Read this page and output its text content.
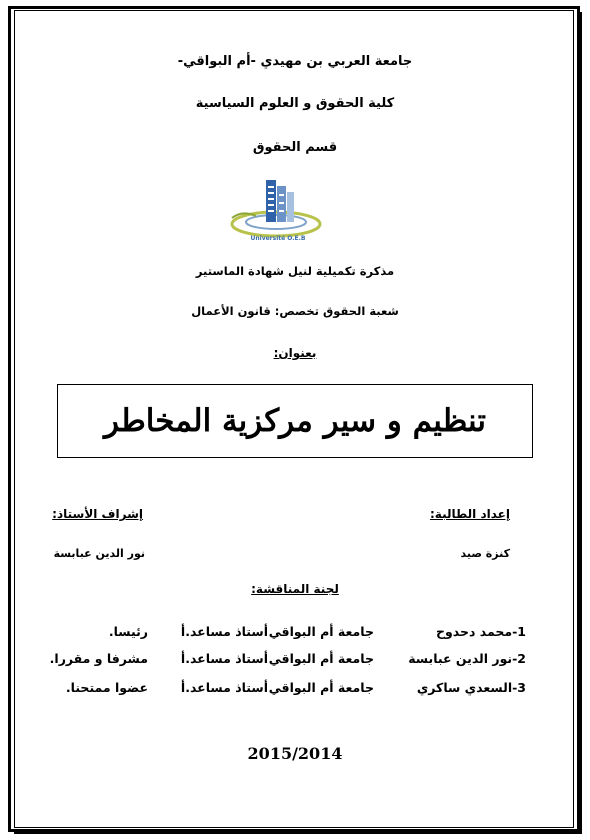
جامعة العربي بن مهيدي -أم البواقي-
كلية الحقوق و العلوم السياسية
قسم الحقوق
Université O.E.B
مذكرة تكميلية لنيل شهادة الماستير
شعبة الحقوق تخصص: قانون الأعمال
بعنوان:
تنظيم و سير مركزية المخاطر
إعداد الطالبة:
إشراف الأستاذ:
كنزة صيد
نور الدين عبابسة
لجنة المناقشة:
1-محمد دحدوح
جامعة أم البواقي
أستاذ مساعد.أ
رئيسا.
2-نور الدين عبابسة
جامعة أم البواقي
أستاذ مساعد.أ
مشرفا و مقررا.
3-السعدي ساكري
جامعة أم البواقي
أستاذ مساعد.أ
عضوا ممتحنا.
2015/2014
